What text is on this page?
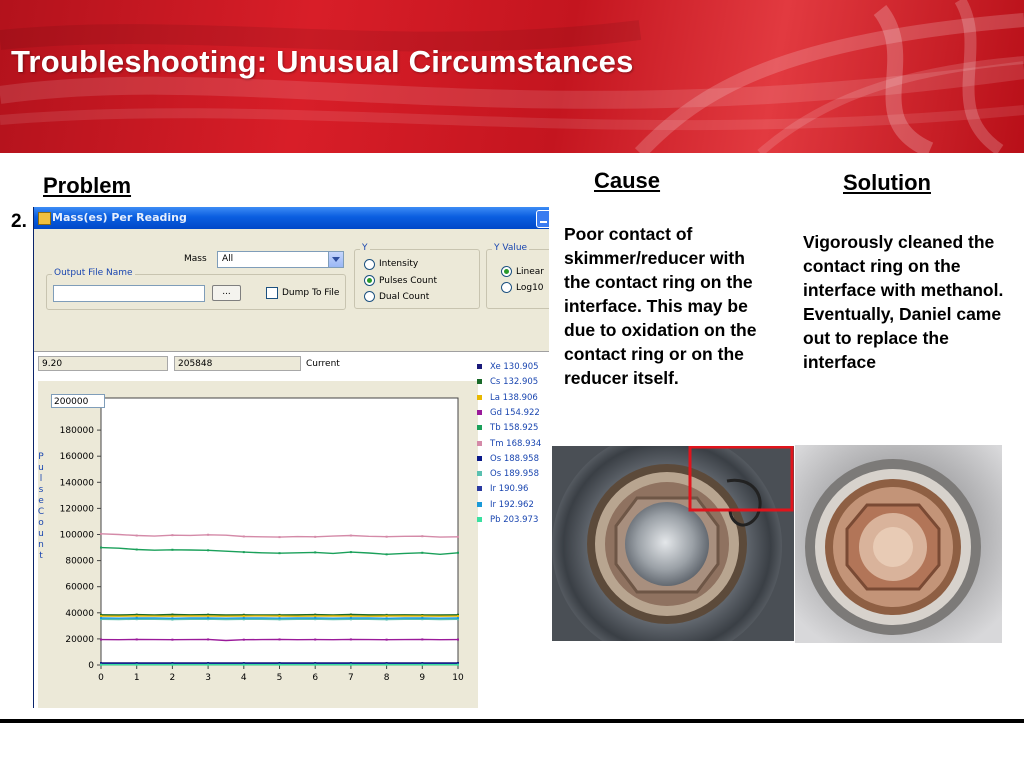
Troubleshooting: Unusual Circumstances
Problem	Cause	Solution
2.
Poor contact of skimmer/reducer with the contact ring on the interface. This may be due to oxidation on the contact ring or on the reducer itself.
Vigorously cleaned the contact ring on the interface with methanol. Eventually, Daniel came out to replace the interface
Mass(es) Per Reading
Mass All
Output File Name
...	Dump To File
Y
Intensity
Pulses Count
Dual Count
Y Value
Linear
Log10
9.20	205848	Current
P
u
l
s
e
C
o
u
n
t
0
20000
40000
60000
80000
100000
120000
140000
160000
180000
0	1	2	3	4	5	6	7	8	9	10
200000
Xe 130.905
Cs 132.905
La 138.906
Gd 154.922
Tb 158.925
Tm 168.934
Os 188.958
Os 189.958
Ir 190.96
Ir 192.962
Pb 203.973
